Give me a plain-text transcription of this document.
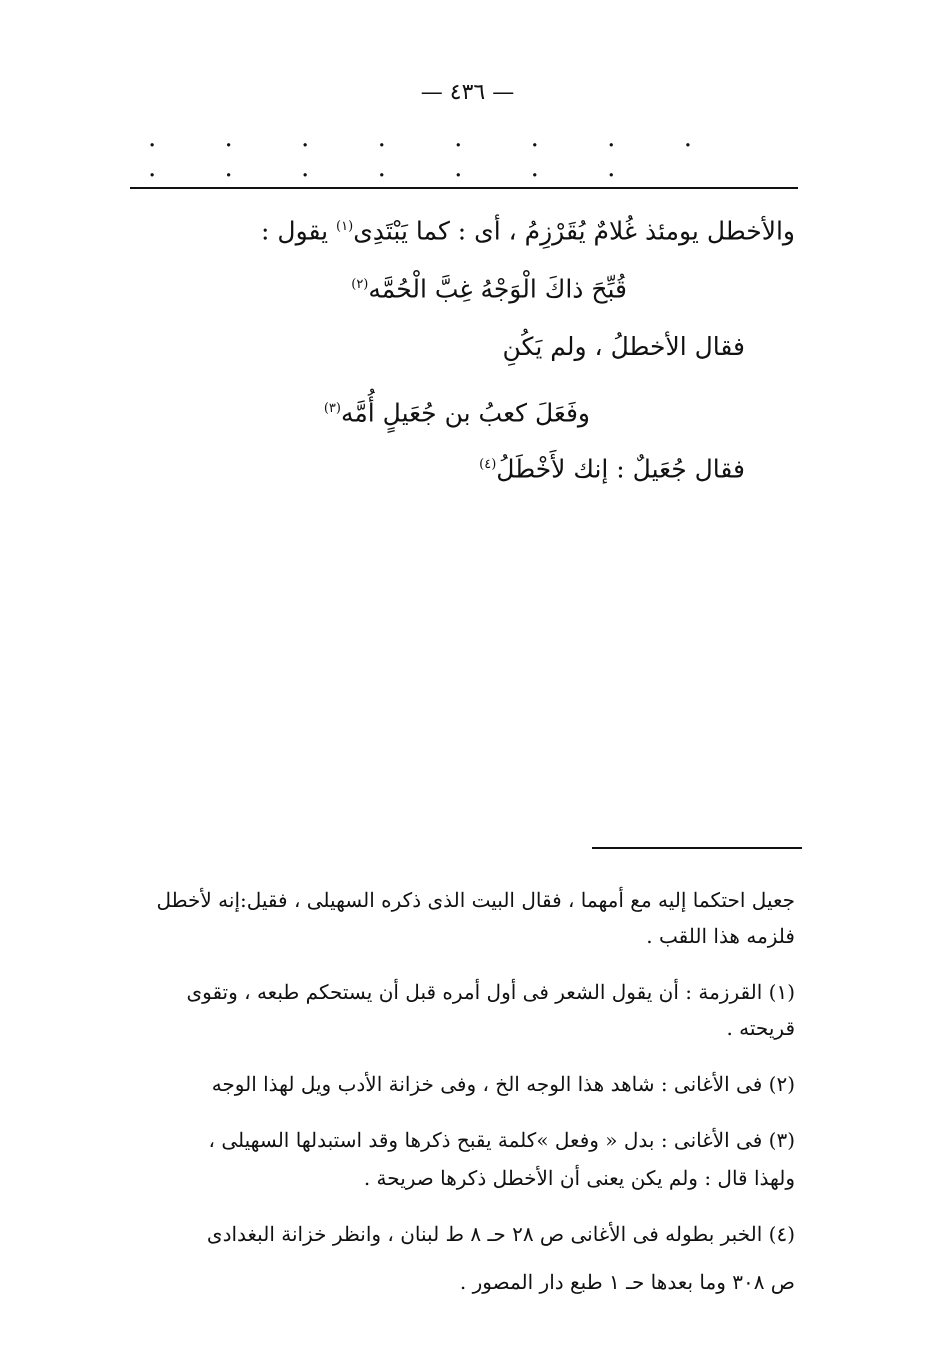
— ٤٣٦ —
. . . . . . . . . . . . . . .
والأخطل يومئذ غُلامٌ يُقَرْزِمُ ، أى : كما يَبْتَدِى$^{(١)}$ يقول :
قُبِّحَ ذاكَ الْوَجْهُ غِبَّ الْحُمَّه$^{(٢)}$
فقال الأخطلُ ، ولم يَكُنِ
وفَعَلَ كعبُ بن جُعَيلٍ أُمَّه$^{(٣)}$
فقال جُعَيلٌ : إنك لأَخْطَلُ$^{(٤)}$
جعيل احتكما إليه مع أمهما ، فقال البيت الذى ذكره السهيلى ، فقيل:إنه لأخطل
فلزمه هذا اللقب .
(١) القرزمة : أن يقول الشعر فى أول أمره قبل أن يستحكم طبعه ، وتقوى
قريحته .
(٢) فى الأغانى : شاهد هذا الوجه الخ ، وفى خزانة الأدب ويل لهذا الوجه
(٣) فى الأغانى : بدل « وفعل »كلمة يقبح ذكرها وقد استبدلها السهيلى ،
ولهذا قال : ولم يكن يعنى أن الأخطل ذكرها صريحة .
(٤) الخبر بطوله فى الأغانى ص ٢٨ حـ ٨ ط لبنان ، وانظر خزانة البغدادى
ص ٣٠٨ وما بعدها حـ ١ طبع دار المصور .
